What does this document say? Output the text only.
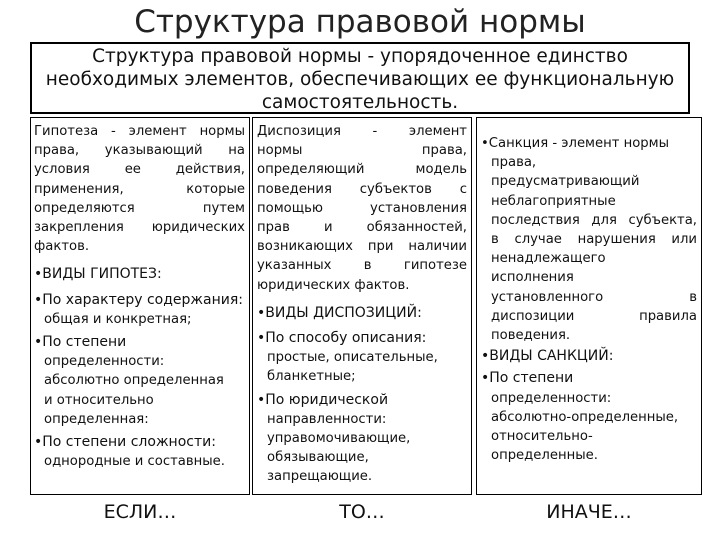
Структура правовой нормы
Структура правовой нормы - упорядоченное единство
необходимых элементов, обеспечивающих ее функциональную
самостоятельность.

Гипотеза - элемент нормы

права, указывающий на

условия ее действия,

применения, которые

определяются путем

закрепления юридических

фактов.

•ВИДЫ ГИПОТЕЗ:

•По характеру содержания:

общая и конкретная;

•По степени

определенности:

абсолютно определенная

и относительно

определенная:

•По степени сложности:

однородные и составные.

Диспозиция - элемент

нормы права,

определяющий модель

поведения субъектов с

помощью установления

прав и обязанностей,

возникающих при наличии

указанных в гипотезе

юридических фактов.

•ВИДЫ ДИСПОЗИЦИЙ:

•По способу описания:

простые, описательные,

бланкетные;

•По юридической

направленности:

управомочивающие,

обязывающие,

запрещающие.

•Санкция - элемент нормы

права,

предусматривающий

неблагоприятные

последствия для субъекта,

в случае нарушения или

ненадлежащего

исполнения

установленного в

диспозиции правила

поведения.

•ВИДЫ САНКЦИЙ:

•По степени

определенности:

абсолютно-определенные,

относительно-

определенные.

ЕСЛИ…	ТО…	ИНАЧЕ…
